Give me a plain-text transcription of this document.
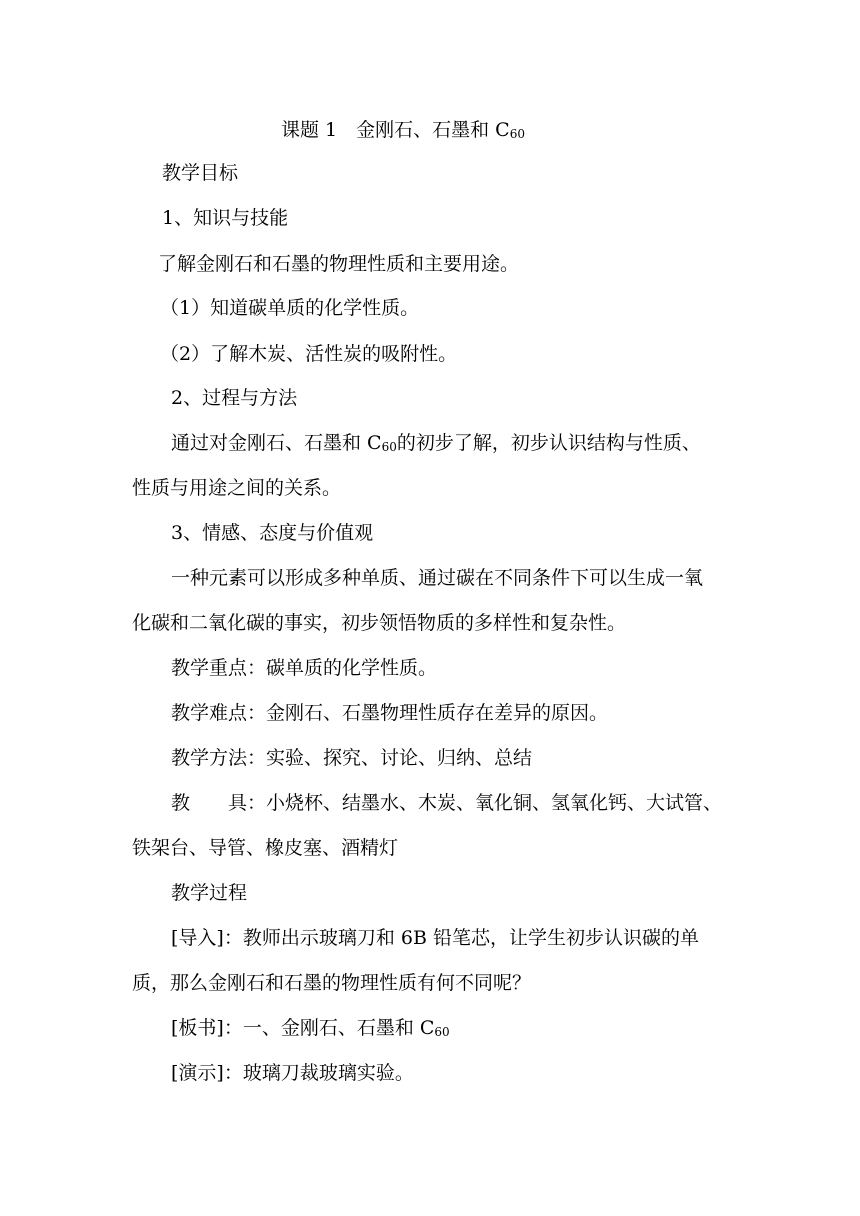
课题 1　金刚石、石墨和 $C_{60}$
教学目标
1、知识与技能
了解金刚石和石墨的物理性质和主要用途。
（1）知道碳单质的化学性质。
（2）了解木炭、活性炭的吸附性。
2、过程与方法
通过对金刚石、石墨和 $C_{60}$的初步了解，初步认识结构与性质、
性质与用途之间的关系。
3、情感、态度与价值观
一种元素可以形成多种单质、通过碳在不同条件下可以生成一氧
化碳和二氧化碳的事实，初步领悟物质的多样性和复杂性。
教学重点：碳单质的化学性质。
教学难点：金刚石、石墨物理性质存在差异的原因。
教学方法：实验、探究、讨论、归纳、总结
教　　具：小烧杯、结墨水、木炭、氧化铜、氢氧化钙、大试管、
铁架台、导管、橡皮塞、酒精灯
教学过程
[导入]：教师出示玻璃刀和 6B 铅笔芯，让学生初步认识碳的单
质，那么金刚石和石墨的物理性质有何不同呢？
[板书]：一、金刚石、石墨和 $C_{60}$
[演示]：玻璃刀裁玻璃实验。
